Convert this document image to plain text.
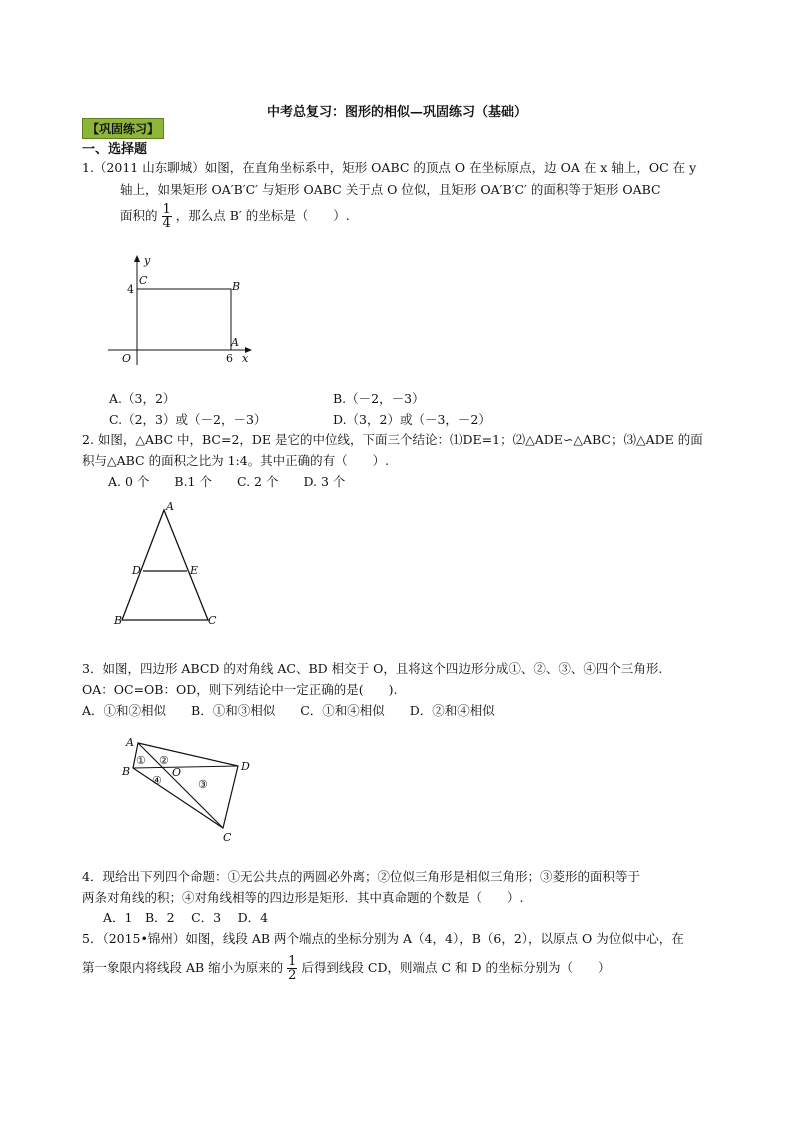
中考总复习：图形的相似—巩固练习（基础）
【巩固练习】
一、选择题
1.（2011 山东聊城）如图，在直角坐标系中，矩形 OABC 的顶点 O 在坐标原点，边 OA 在 x 轴上，OC 在 y
轴上，如果矩形 OA′B′C′ 与矩形 OABC 关于点 O 位似，且矩形 OA′B′C′ 的面积等于矩形 OABC
面积的 $\frac{1}{4}$ ，那么点 B′ 的坐标是（　　）.
y
x
O
C	B
A
4
6
A.（3，2）	B.（－2，－3）
C.（2，3）或（－2，－3）	D.（3，2）或（－3，－2）
2. 如图，△ABC 中，BC=2，DE 是它的中位线，下面三个结论：⑴DE=1；⑵△ADE∽△ABC；⑶△ADE 的面
积与△ABC 的面积之比为 1:4。其中正确的有（　　）.
A. 0 个　　B.1 个　　C. 2 个　　D. 3 个
A
B	C
D	E
3．如图，四边形 ABCD 的对角线 AC、BD 相交于 O，且将这个四边形分成①、②、③、④四个三角形.
OA：OC=OB：OD，则下列结论中一定正确的是(　　).
A．①和②相似　　B．①和③相似　　C．①和④相似　　D．②和④相似
A
B
C
D
O
① ②
③
④
4．现给出下列四个命题：①无公共点的两圆必外离；②位似三角形是相似三角形；③菱形的面积等于
两条对角线的积；④对角线相等的四边形是矩形．其中真命题的个数是（　　）.
A．1　B．2　 C．3　 D．4
5．（2015•锦州）如图，线段 AB 两个端点的坐标分别为 A（4，4），B（6，2），以原点 O 为位似中心，在
第一象限内将线段 AB 缩小为原来的 $\frac{1}{2}$ 后得到线段 CD，则端点 C 和 D 的坐标分别为（　　）
